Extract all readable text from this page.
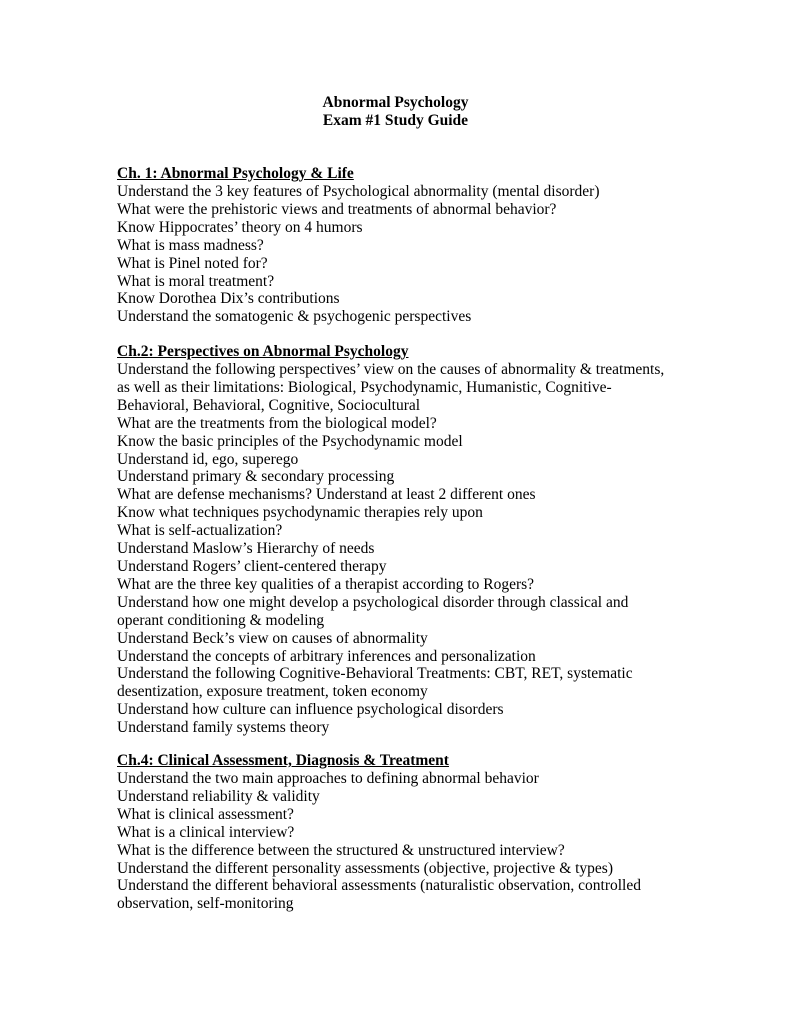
Abnormal Psychology
Exam #1 Study Guide
Ch. 1: Abnormal Psychology & Life
Understand the 3 key features of Psychological abnormality (mental disorder)
What were the prehistoric views and treatments of abnormal behavior?
Know Hippocrates’ theory on 4 humors
What is mass madness?
What is Pinel noted for?
What is moral treatment?
Know Dorothea Dix’s contributions
Understand the somatogenic & psychogenic perspectives
Ch.2: Perspectives on Abnormal Psychology
Understand the following perspectives’ view on the causes of abnormality & treatments,
as well as their limitations: Biological, Psychodynamic, Humanistic, Cognitive-
Behavioral, Behavioral, Cognitive, Sociocultural
What are the treatments from the biological model?
Know the basic principles of the Psychodynamic model
Understand id, ego, superego
Understand primary & secondary processing
What are defense mechanisms? Understand at least 2 different ones
Know what techniques psychodynamic therapies rely upon
What is self-actualization?
Understand Maslow’s Hierarchy of needs
Understand Rogers’ client-centered therapy
What are the three key qualities of a therapist according to Rogers?
Understand how one might develop a psychological disorder through classical and
operant conditioning & modeling
Understand Beck’s view on causes of abnormality
Understand the concepts of arbitrary inferences and personalization
Understand the following Cognitive-Behavioral Treatments: CBT, RET, systematic
desentization, exposure treatment, token economy
Understand how culture can influence psychological disorders
Understand family systems theory
Ch.4: Clinical Assessment, Diagnosis & Treatment
Understand the two main approaches to defining abnormal behavior
Understand reliability & validity
What is clinical assessment?
What is a clinical interview?
What is the difference between the structured & unstructured interview?
Understand the different personality assessments (objective, projective & types)
Understand the different behavioral assessments (naturalistic observation, controlled
observation, self-monitoring
